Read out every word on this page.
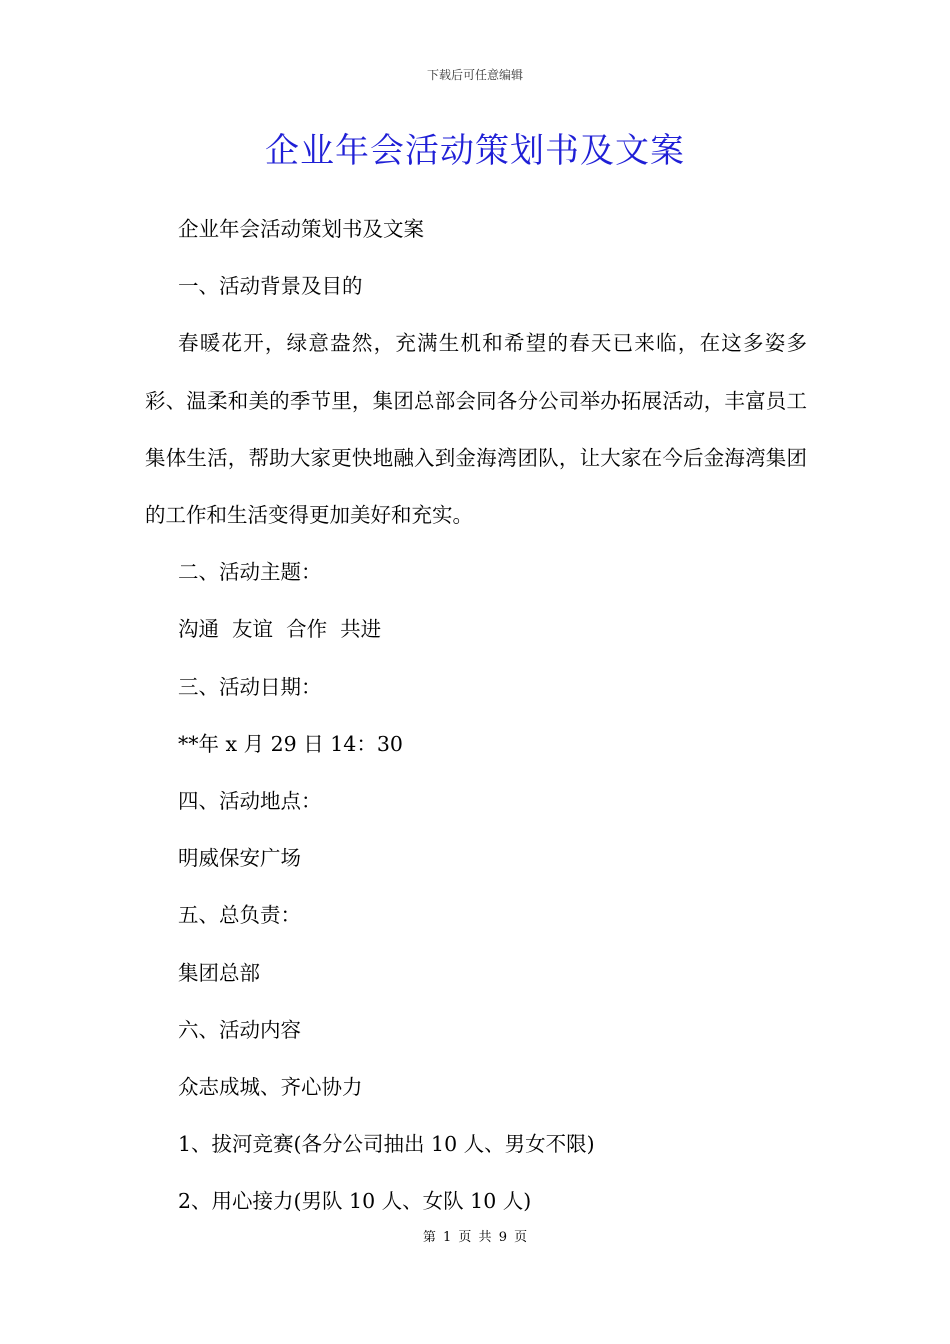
下载后可任意编辑
企业年会活动策划书及文案

企业年会活动策划书及文案

一、活动背景及目的

春暖花开，绿意盎然，充满生机和希望的春天已来临，在这多姿多彩、温柔和美的季节里，集团总部会同各分公司举办拓展活动，丰富员工集体生活，帮助大家更快地融入到金海湾团队，让大家在今后金海湾集团的工作和生活变得更加美好和充实。

二、活动主题：

沟通  友谊  合作  共进

三、活动日期：

**年 x 月 29 日 14：30

四、活动地点：

明威保安广场

五、总负责：

集团总部

六、活动内容

众志成城、齐心协力

1、拔河竞赛(各分公司抽出 10 人、男女不限)

2、用心接力(男队 10 人、女队 10 人)

第 1 页 共 9 页
